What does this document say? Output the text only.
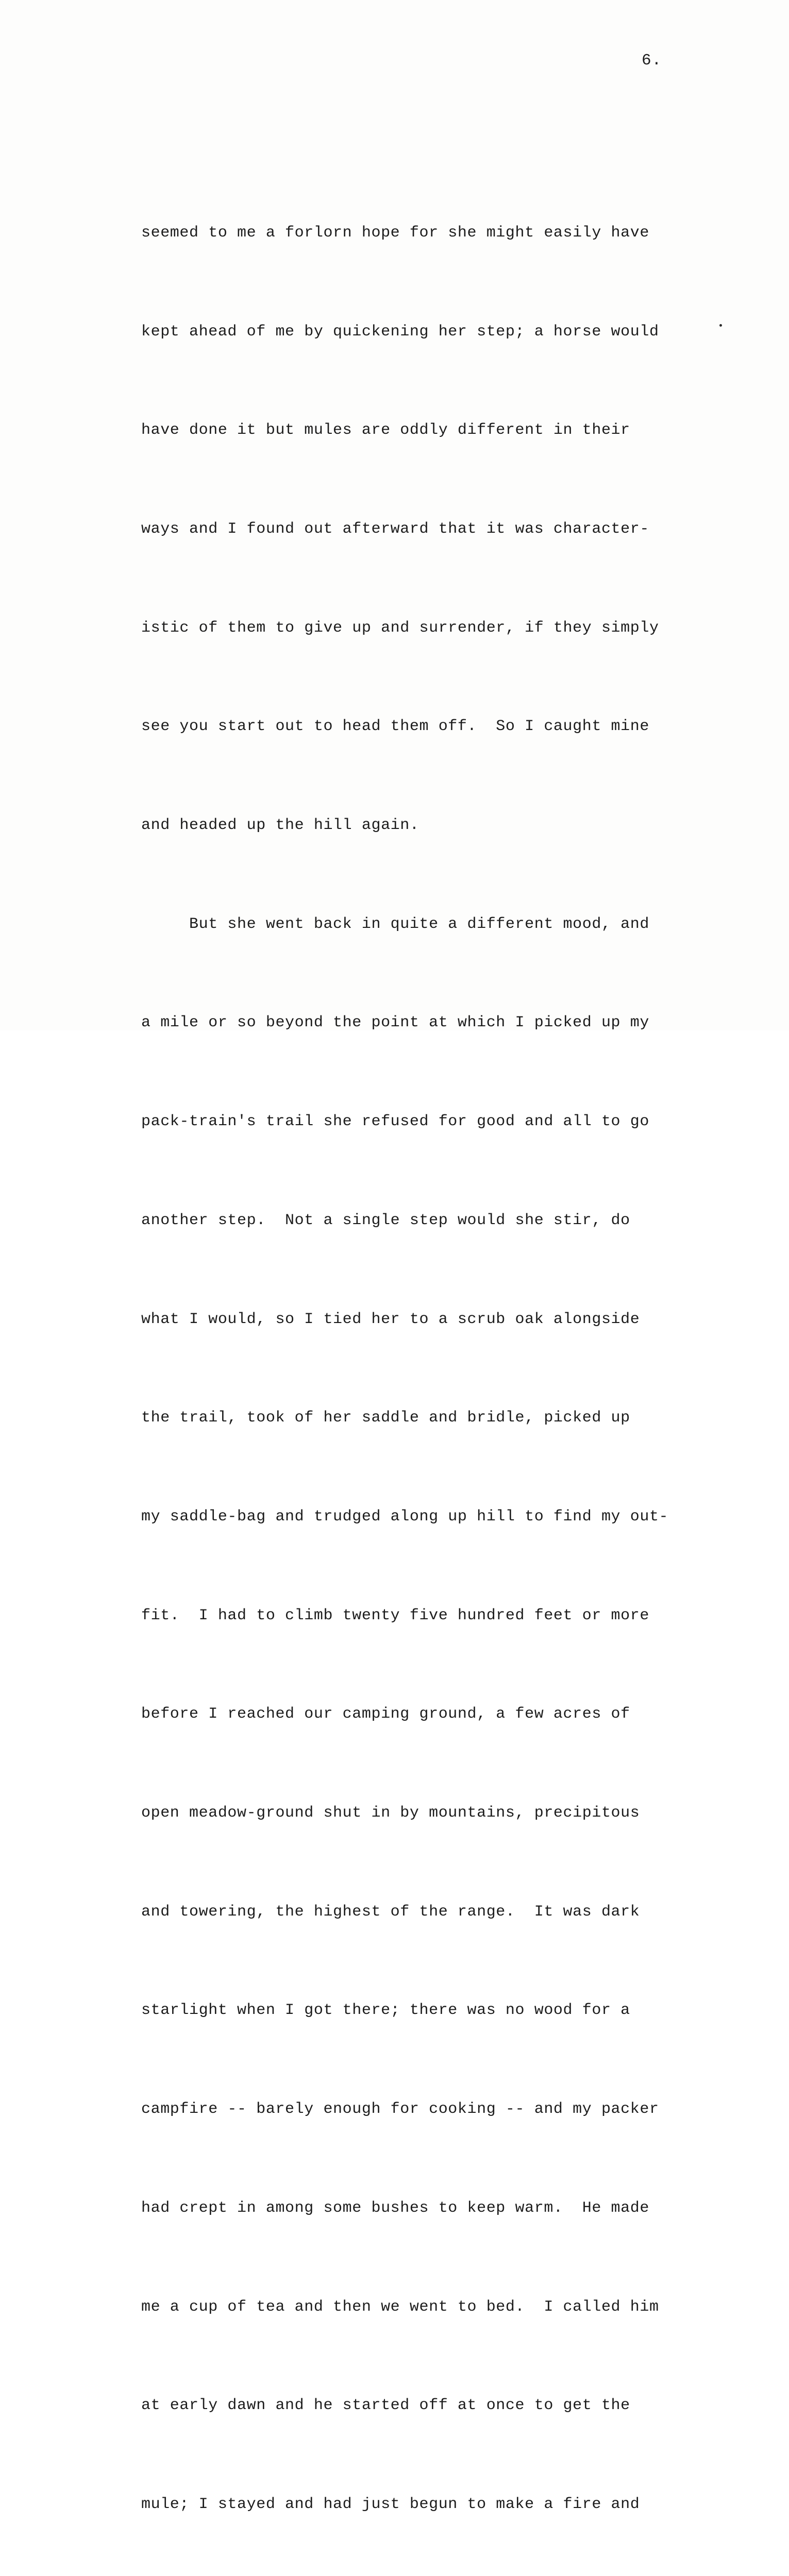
6.

seemed to me a forlorn hope for she might easily have

kept ahead of me by quickening her step; a horse would

have done it but mules are oddly different in their

ways and I found out afterward that it was character-

istic of them to give up and surrender, if they simply

see you start out to head them off.  So I caught mine

and headed up the hill again.

But she went back in quite a different mood, and

a mile or so beyond the point at which I picked up my

pack-train's trail she refused for good and all to go

another step.  Not a single step would she stir, do

what I would, so I tied her to a scrub oak alongside

the trail, took of her saddle and bridle, picked up

my saddle-bag and trudged along up hill to find my out-

fit.  I had to climb twenty five hundred feet or more

before I reached our camping ground, a few acres of

open meadow-ground shut in by mountains, precipitous

and towering, the highest of the range.  It was dark

starlight when I got there; there was no wood for a

campfire -- barely enough for cooking -- and my packer

had crept in among some bushes to keep warm.  He made

me a cup of tea and then we went to bed.  I called him

at early dawn and he started off at once to get the

mule; I stayed and had just begun to make a fire and
